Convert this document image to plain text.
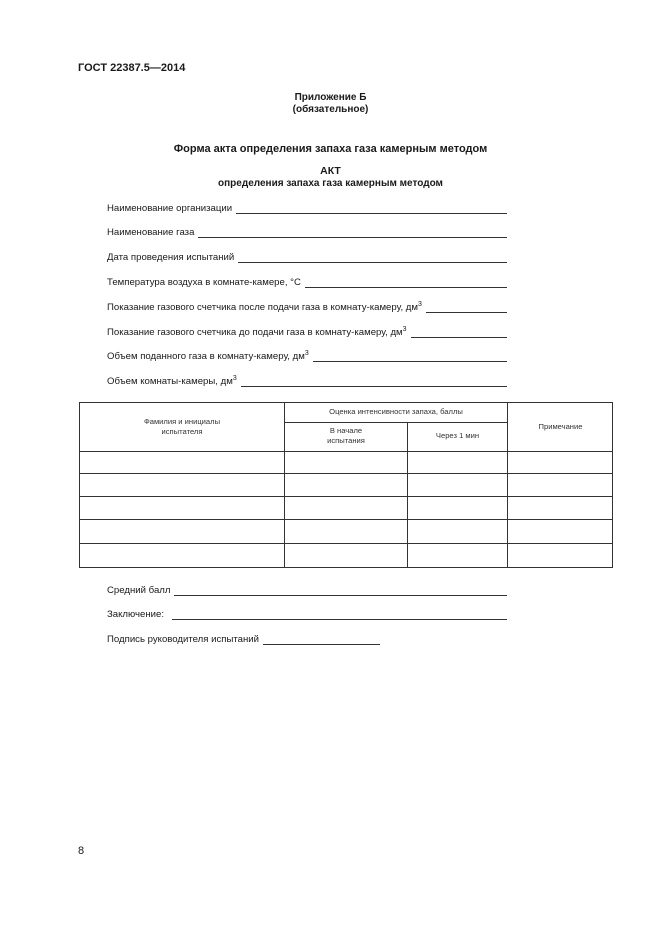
ГОСТ 22387.5—2014
Приложение Б
(обязательное)
Форма акта определения запаха газа камерным методом
АКТ
определения запаха газа камерным методом
Наименование организации
Наименование газа
Дата проведения испытаний
Температура воздуха в комнате-камере, °С
Показание газового счетчика после подачи газа в комнату-камеру, $дм^3$
Показание газового счетчика до подачи газа в комнату-камеру, $дм^3$
Объем поданного газа в комнату-камеру, $дм^3$
Объем комнаты-камеры, $дм^3$
Фамилия и инициалы
испытателя
Оценка интенсивности запаха, баллы
В начале
испытания
Через 1 мин
Примечание
Средний балл
Заключение:
Подпись руководителя испытаний
8
